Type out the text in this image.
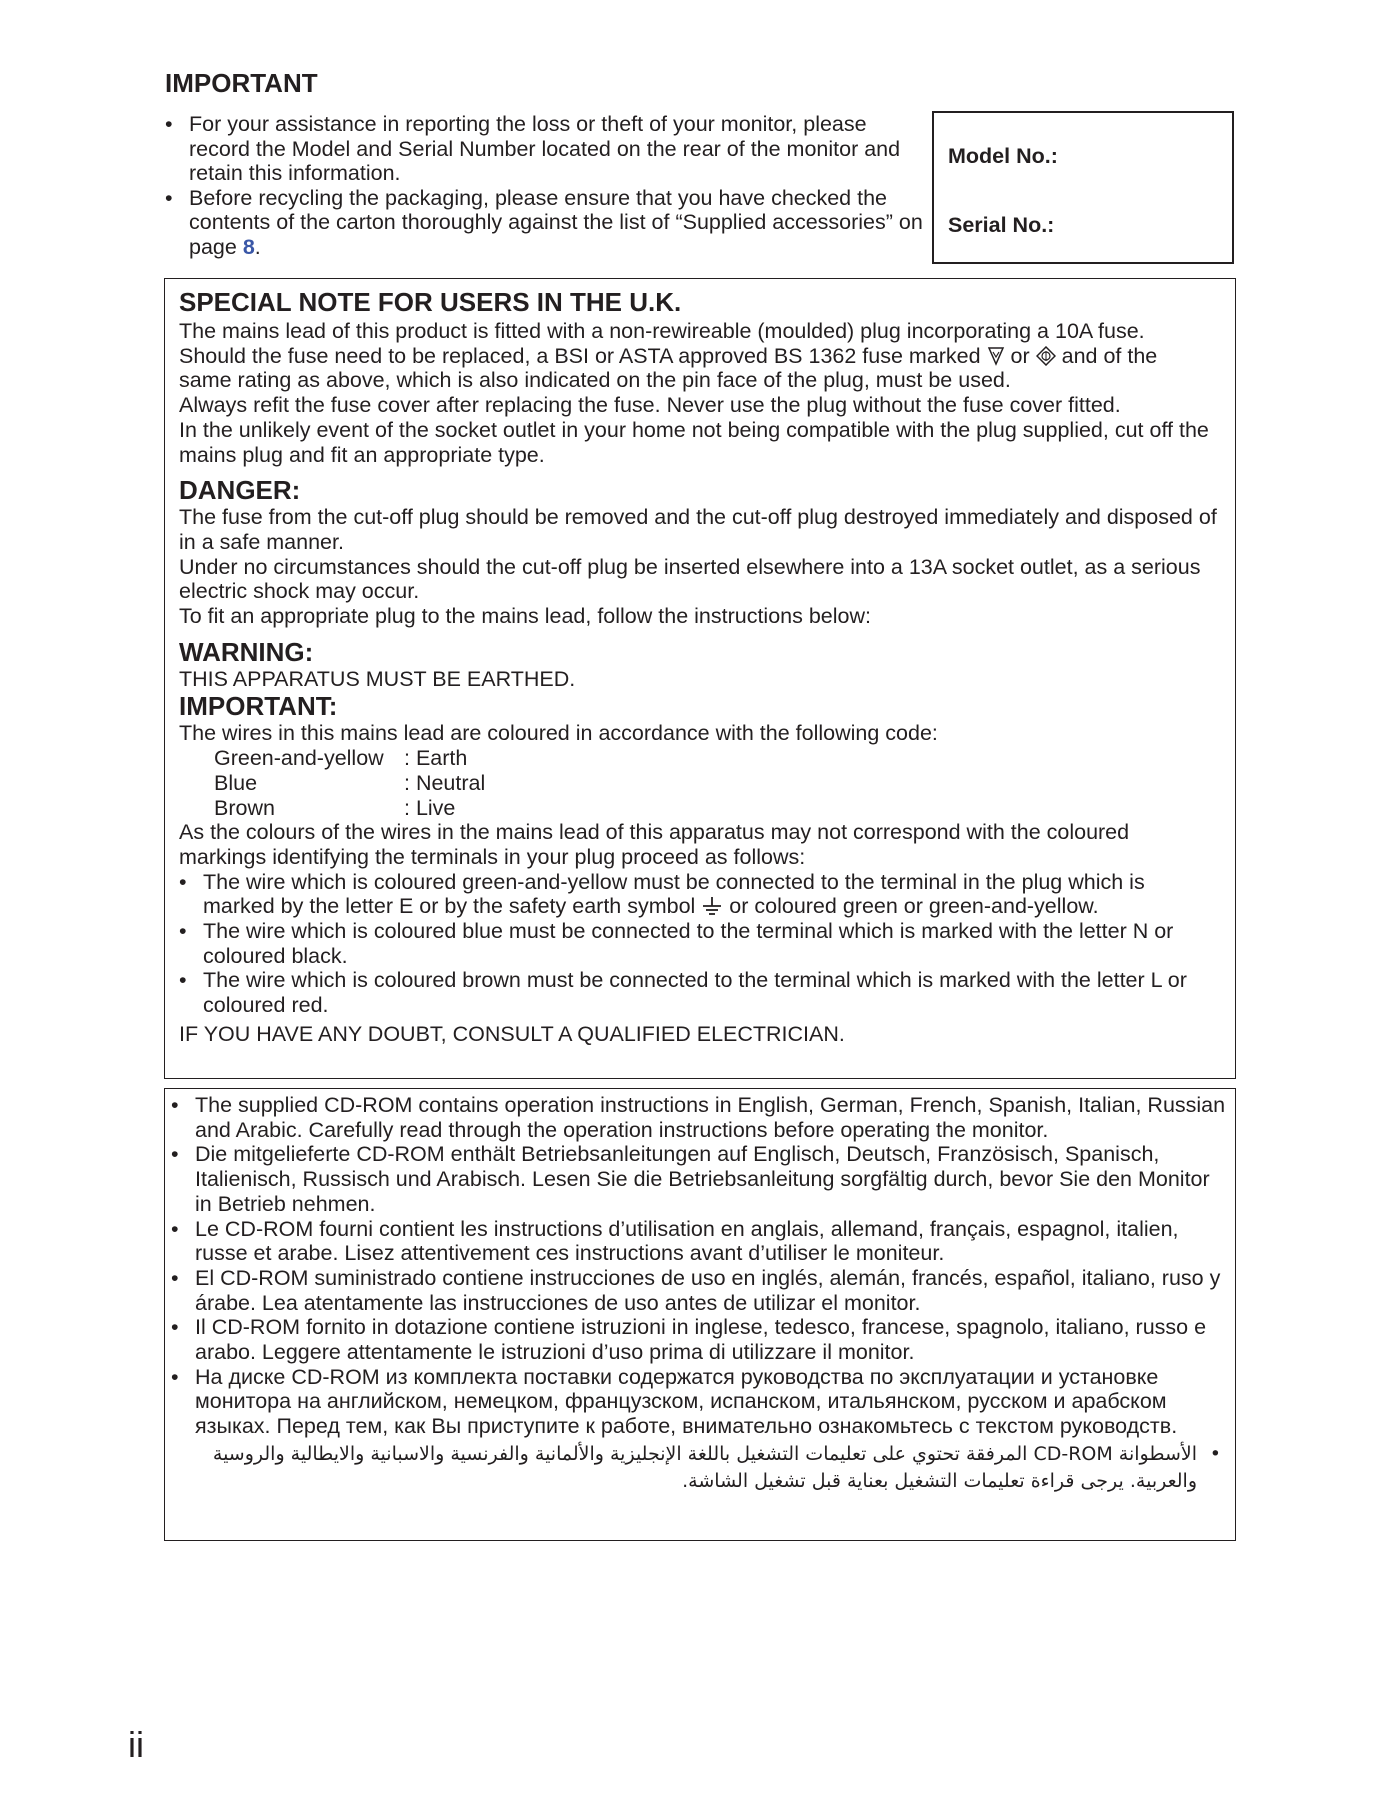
IMPORTANT
• For your assistance in reporting the loss or theft of your monitor, please record the Model and Serial Number located on the rear of the monitor and retain this information.
• Before recycling the packaging, please ensure that you have checked the contents of the carton thoroughly against the list of “Supplied accessories” on page 8.
Model No.:
Serial No.:
SPECIAL NOTE FOR USERS IN THE U.K.

The mains lead of this product is fitted with a non-rewireable (moulded) plug incorporating a 10A fuse.

Should the fuse need to be replaced, a BSI or ASTA approved BS 1362 fuse marked  or  and of the

same rating as above, which is also indicated on the pin face of the plug, must be used.

Always refit the fuse cover after replacing the fuse. Never use the plug without the fuse cover fitted.

In the unlikely event of the socket outlet in your home not being compatible with the plug supplied, cut off the mains plug and fit an appropriate type.

DANGER:

The fuse from the cut-off plug should be removed and the cut-off plug destroyed immediately and disposed of in a safe manner.

Under no circumstances should the cut-off plug be inserted elsewhere into a 13A socket outlet, as a serious electric shock may occur.

To fit an appropriate plug to the mains lead, follow the instructions below:

WARNING:

THIS APPARATUS MUST BE EARTHED.

IMPORTANT:

The wires in this mains lead are coloured in accordance with the following code:

Green-and-yellow : Earth
Blue	: Neutral
Brown	: Live

As the colours of the wires in the mains lead of this apparatus may not correspond with the coloured markings identifying the terminals in your plug proceed as follows:

• The wire which is coloured green-and-yellow must be connected to the terminal in the plug which is marked by the letter E or by the safety earth symbol  or coloured green or green-and-yellow.
• The wire which is coloured blue must be connected to the terminal which is marked with the letter N or coloured black.
• The wire which is coloured brown must be connected to the terminal which is marked with the letter L or coloured red.

IF YOU HAVE ANY DOUBT, CONSULT A QUALIFIED ELECTRICIAN.

• The supplied CD-ROM contains operation instructions in English, German, French, Spanish, Italian, Russian and Arabic. Carefully read through the operation instructions before operating the monitor.
• Die mitgelieferte CD-ROM enthält Betriebsanleitungen auf Englisch, Deutsch, Französisch, Spanisch, Italienisch, Russisch und Arabisch. Lesen Sie die Betriebsanleitung sorgfältig durch, bevor Sie den Monitor in Betrieb nehmen.
• Le CD-ROM fourni contient les instructions d’utilisation en anglais, allemand, français, espagnol, italien, russe et arabe. Lisez attentivement ces instructions avant d’utiliser le moniteur.
• El CD-ROM suministrado contiene instrucciones de uso en inglés, alemán, francés, español, italiano, ruso y árabe. Lea atentamente las instrucciones de uso antes de utilizar el monitor.
• Il CD-ROM fornito in dotazione contiene istruzioni in inglese, tedesco, francese, spagnolo, italiano, russo e arabo. Leggere attentamente le istruzioni d’uso prima di utilizzare il monitor.
• На диске CD-ROM из комплекта поставки содержатся руководства по эксплуатации и установке монитора на английском, немецком, французском, испанском, итальянском, русском и арабском языках. Перед тем, как Вы приступите к работе, внимательно ознакомьтесь с текстом руководств.
• الأسطوانة CD-ROM المرفقة تحتوي على تعليمات التشغيل باللغة الإنجليزية والألمانية والفرنسية والاسبانية والايطالية والروسية والعربية. يرجى قراءة تعليمات التشغيل بعناية قبل تشغيل الشاشة.
ii
